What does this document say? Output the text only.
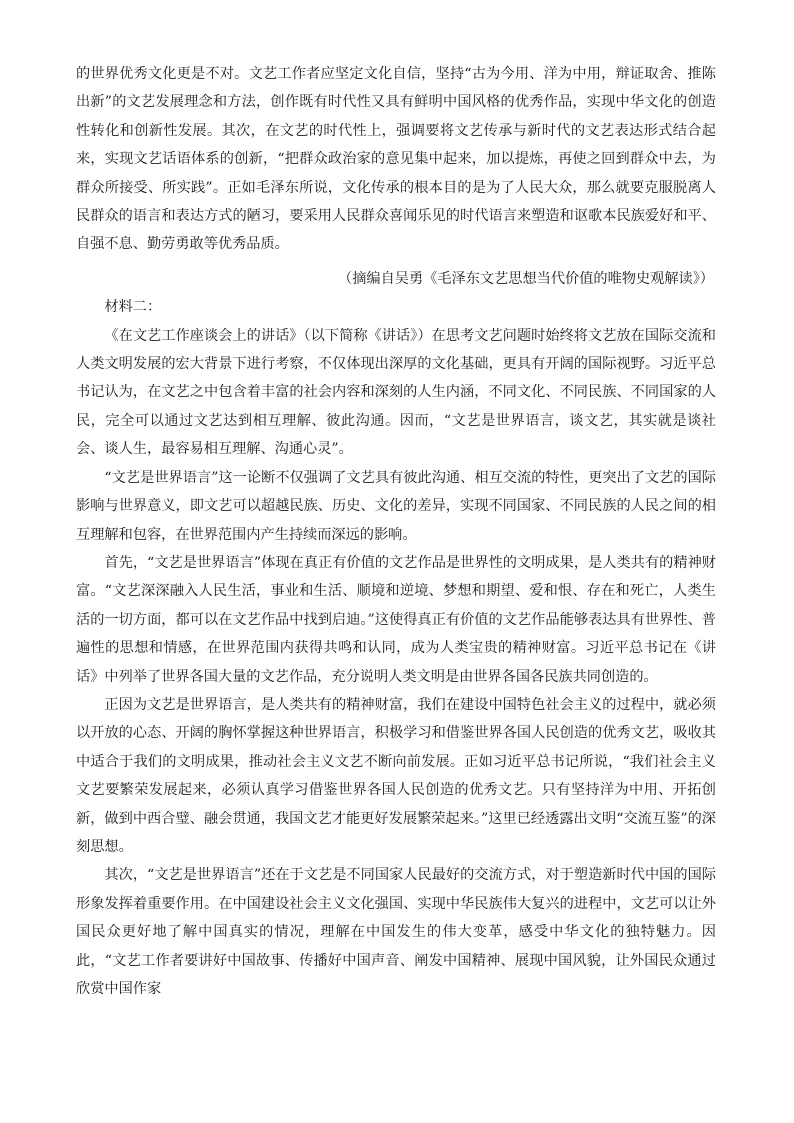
的世界优秀文化更是不对。文艺工作者应坚定文化自信，坚持“古为今用、洋为中用，辩证取舍、推陈出新”的文艺发展理念和方法，创作既有时代性又具有鲜明中国风格的优秀作品，实现中华文化的创造性转化和创新性发展。其次，在文艺的时代性上，强调要将文艺传承与新时代的文艺表达形式结合起来，实现文艺话语体系的创新，“把群众政治家的意见集中起来，加以提炼，再使之回到群众中去，为群众所接受、所实践”。正如毛泽东所说，文化传承的根本目的是为了人民大众，那么就要克服脱离人民群众的语言和表达方式的陋习，要采用人民群众喜闻乐见的时代语言来塑造和讴歌本民族爱好和平、自强不息、勤劳勇敢等优秀品质。

（摘编自吴勇《毛泽东文艺思想当代价值的唯物史观解读》）

材料二：

《在文艺工作座谈会上的讲话》（以下简称《讲话》）在思考文艺问题时始终将文艺放在国际交流和人类文明发展的宏大背景下进行考察，不仅体现出深厚的文化基础，更具有开阔的国际视野。习近平总书记认为，在文艺之中包含着丰富的社会内容和深刻的人生内涵，不同文化、不同民族、不同国家的人民，完全可以通过文艺达到相互理解、彼此沟通。因而，“文艺是世界语言，谈文艺，其实就是谈社会、谈人生，最容易相互理解、沟通心灵”。

“文艺是世界语言”这一论断不仅强调了文艺具有彼此沟通、相互交流的特性，更突出了文艺的国际影响与世界意义，即文艺可以超越民族、历史、文化的差异，实现不同国家、不同民族的人民之间的相互理解和包容，在世界范围内产生持续而深远的影响。

首先，“文艺是世界语言”体现在真正有价值的文艺作品是世界性的文明成果，是人类共有的精神财富。“文艺深深融入人民生活，事业和生活、顺境和逆境、梦想和期望、爱和恨、存在和死亡，人类生活的一切方面，都可以在文艺作品中找到启迪。”这使得真正有价值的文艺作品能够表达具有世界性、普遍性的思想和情感，在世界范围内获得共鸣和认同，成为人类宝贵的精神财富。习近平总书记在《讲话》中列举了世界各国大量的文艺作品，充分说明人类文明是由世界各国各民族共同创造的。

正因为文艺是世界语言，是人类共有的精神财富，我们在建设中国特色社会主义的过程中，就必须以开放的心态、开阔的胸怀掌握这种世界语言，积极学习和借鉴世界各国人民创造的优秀文艺，吸收其中适合于我们的文明成果，推动社会主义文艺不断向前发展。正如习近平总书记所说，“我们社会主义文艺要繁荣发展起来，必须认真学习借鉴世界各国人民创造的优秀文艺。只有坚持洋为中用、开拓创新，做到中西合璧、融会贯通，我国文艺才能更好发展繁荣起来。”这里已经透露出文明“交流互鉴”的深刻思想。

其次，“文艺是世界语言”还在于文艺是不同国家人民最好的交流方式，对于塑造新时代中国的国际形象发挥着重要作用。在中国建设社会主义文化强国、实现中华民族伟大复兴的进程中，文艺可以让外国民众更好地了解中国真实的情况，理解在中国发生的伟大变革，感受中华文化的独特魅力。因此，“文艺工作者要讲好中国故事、传播好中国声音、阐发中国精神、展现中国风貌，让外国民众通过欣赏中国作家
